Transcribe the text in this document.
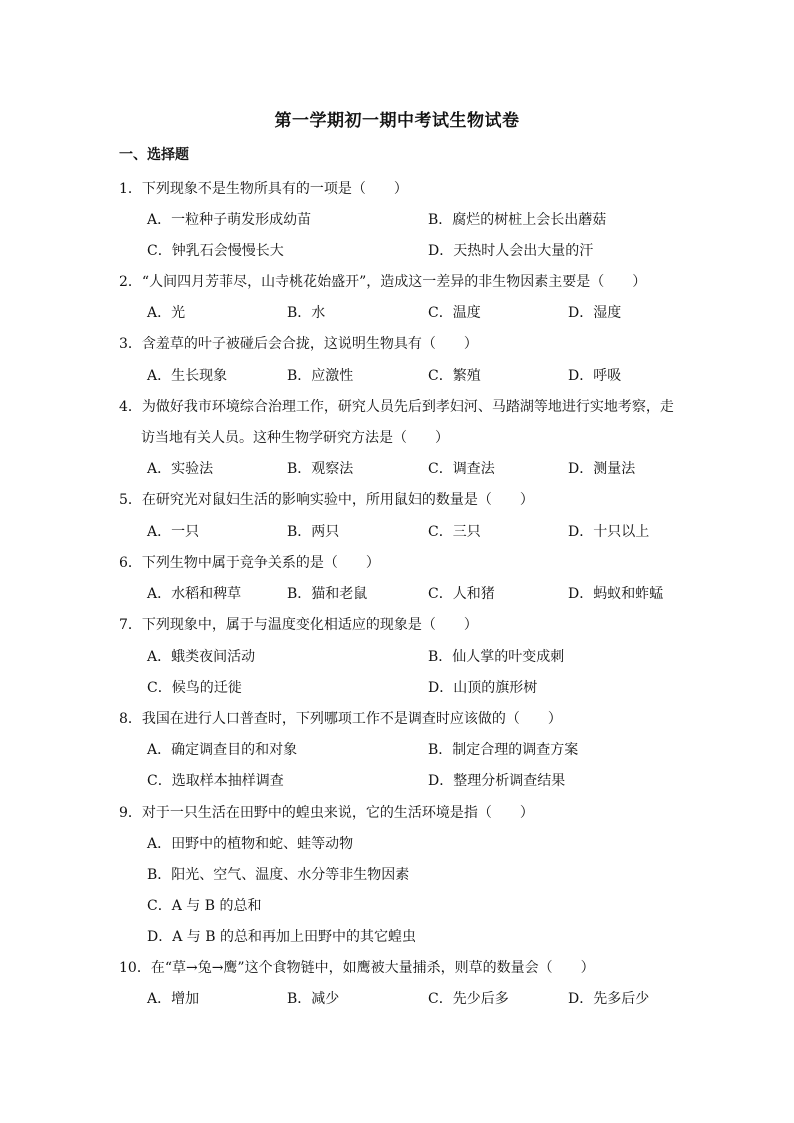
第一学期初一期中考试生物试卷
一、选择题
1．下列现象不是生物所具有的一项是（　　）
A．一粒种子萌发形成幼苗	B．腐烂的树桩上会长出蘑菇
C．钟乳石会慢慢长大	D．天热时人会出大量的汗
2．“人间四月芳菲尽，山寺桃花始盛开”，造成这一差异的非生物因素主要是（　　）
A．光	B．水	C．温度	D．湿度
3．含羞草的叶子被碰后会合拢，这说明生物具有（　　）
A．生长现象	B．应激性	C．繁殖	D．呼吸
4．为做好我市环境综合治理工作，研究人员先后到孝妇河、马踏湖等地进行实地考察，走
访当地有关人员。这种生物学研究方法是（　　）
A．实验法	B．观察法	C．调查法	D．测量法
5．在研究光对鼠妇生活的影响实验中，所用鼠妇的数量是（　　）
A．一只	B．两只	C．三只	D．十只以上
6．下列生物中属于竞争关系的是（　　）
A．水稻和稗草	B．猫和老鼠	C．人和猪	D．蚂蚁和蚱蜢
7．下列现象中，属于与温度变化相适应的现象是（　　）
A．蛾类夜间活动	B．仙人掌的叶变成刺
C．候鸟的迁徙	D．山顶的旗形树
8．我国在进行人口普查时，下列哪项工作不是调查时应该做的（　　）
A．确定调查目的和对象	B．制定合理的调查方案
C．选取样本抽样调查	D．整理分析调查结果
9．对于一只生活在田野中的蝗虫来说，它的生活环境是指（　　）
A．田野中的植物和蛇、蛙等动物
B．阳光、空气、温度、水分等非生物因素
C．A 与 B 的总和
D．A 与 B 的总和再加上田野中的其它蝗虫
10．在“草→兔→鹰”这个食物链中，如鹰被大量捕杀，则草的数量会（　　）
A．增加	B．减少	C．先少后多	D．先多后少
